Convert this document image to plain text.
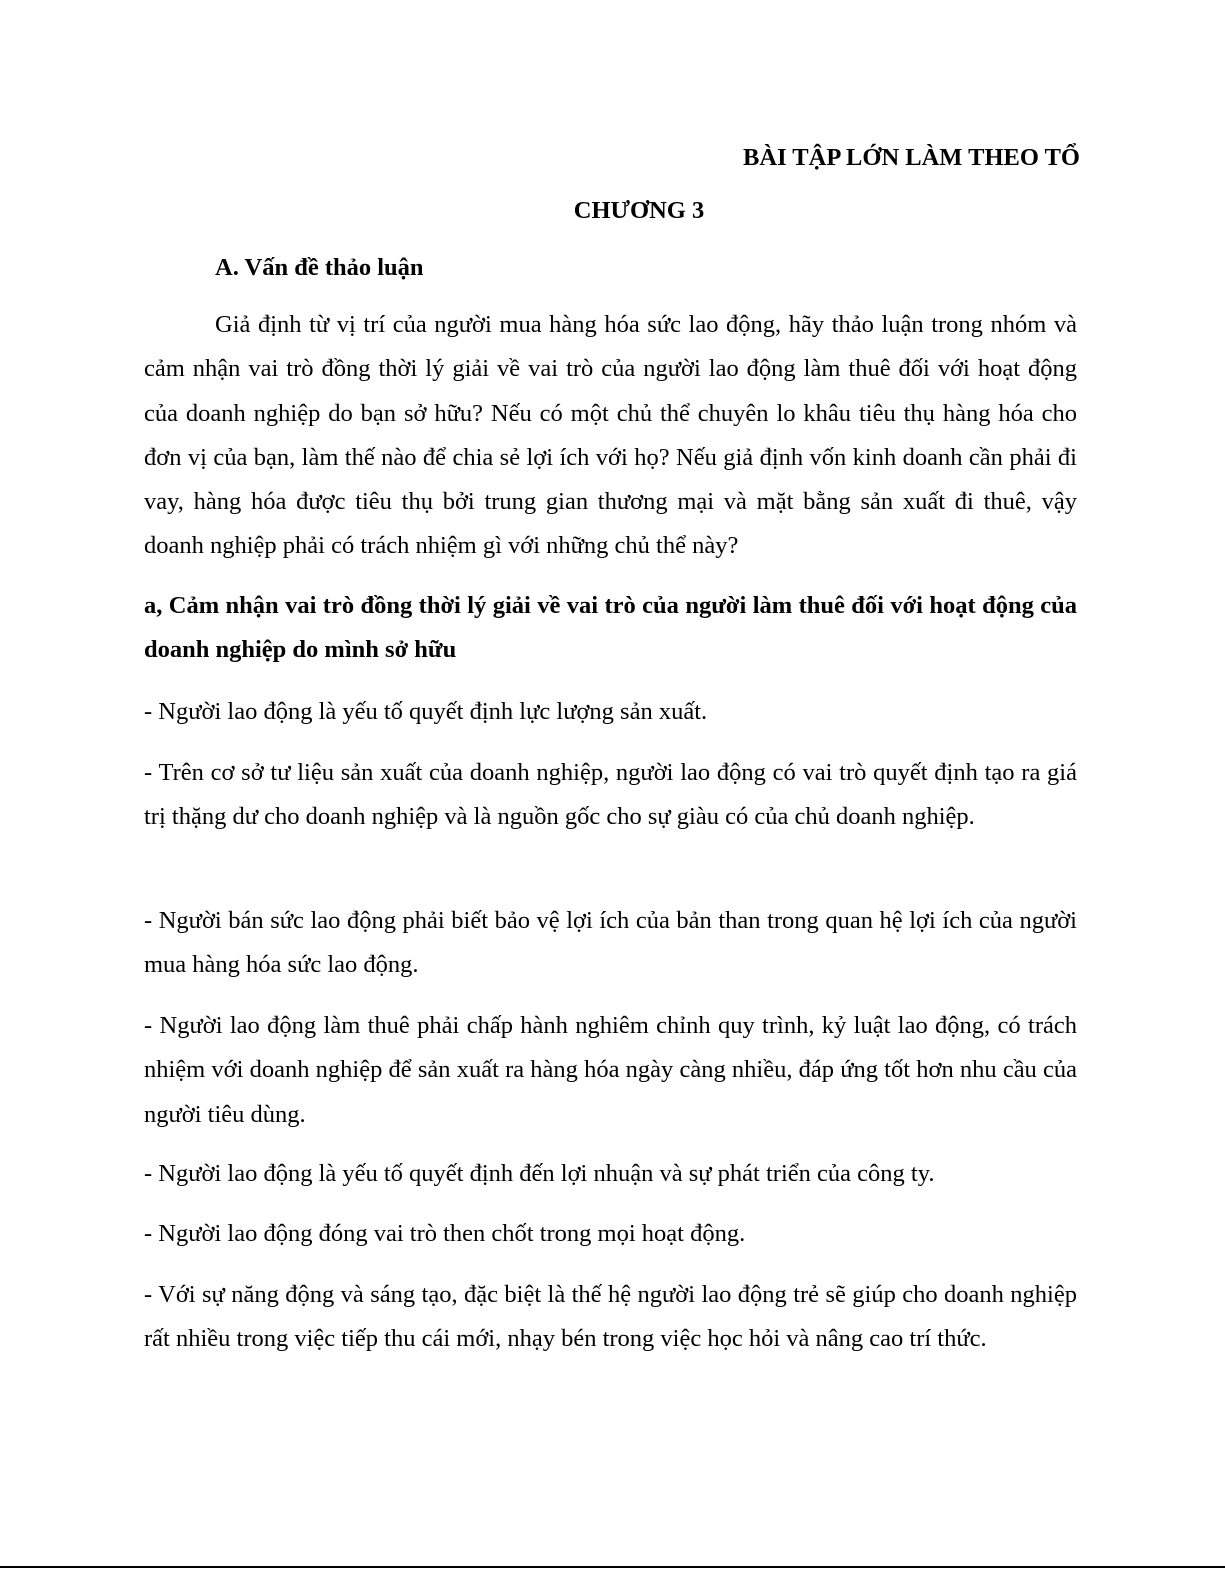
BÀI TẬP LỚN LÀM THEO TỔ
CHƯƠNG 3
A. Vấn đề thảo luận
Giả định từ vị trí của người mua hàng hóa sức lao động, hãy thảo luận trong nhóm và cảm nhận vai trò đồng thời lý giải về vai trò của người lao động làm thuê đối với hoạt động của doanh nghiệp do bạn sở hữu? Nếu có một chủ thể chuyên lo khâu tiêu thụ hàng hóa cho đơn vị của bạn, làm thế nào để chia sẻ lợi ích với họ? Nếu giả định vốn kinh doanh cần phải đi vay, hàng hóa được tiêu thụ bởi trung gian thương mại và mặt bằng sản xuất đi thuê, vậy doanh nghiệp phải có trách nhiệm gì với những chủ thể này?
a, Cảm nhận vai trò đồng thời lý giải về vai trò của người làm thuê đối với hoạt động của doanh nghiệp do mình sở hữu
- Người lao động là yếu tố quyết định lực lượng sản xuất.
- Trên cơ sở tư liệu sản xuất của doanh nghiệp, người lao động có vai trò quyết định tạo ra giá trị thặng dư cho doanh nghiệp và là nguồn gốc cho sự giàu có của chủ doanh nghiệp.
- Người bán sức lao động phải biết bảo vệ lợi ích của bản than trong quan hệ lợi ích của người mua hàng hóa sức lao động.
- Người lao động làm thuê phải chấp hành nghiêm chỉnh quy trình, kỷ luật lao động, có trách nhiệm với doanh nghiệp để sản xuất ra hàng hóa ngày càng nhiều, đáp ứng tốt hơn nhu cầu của người tiêu dùng.
- Người lao động là yếu tố quyết định đến lợi nhuận và sự phát triển của công ty.
- Người lao động đóng vai trò then chốt trong mọi hoạt động.
- Với sự năng động và sáng tạo, đặc biệt là thế hệ người lao động trẻ sẽ giúp cho doanh nghiệp rất nhiều trong việc tiếp thu cái mới, nhạy bén trong việc học hỏi và nâng cao trí thức.
